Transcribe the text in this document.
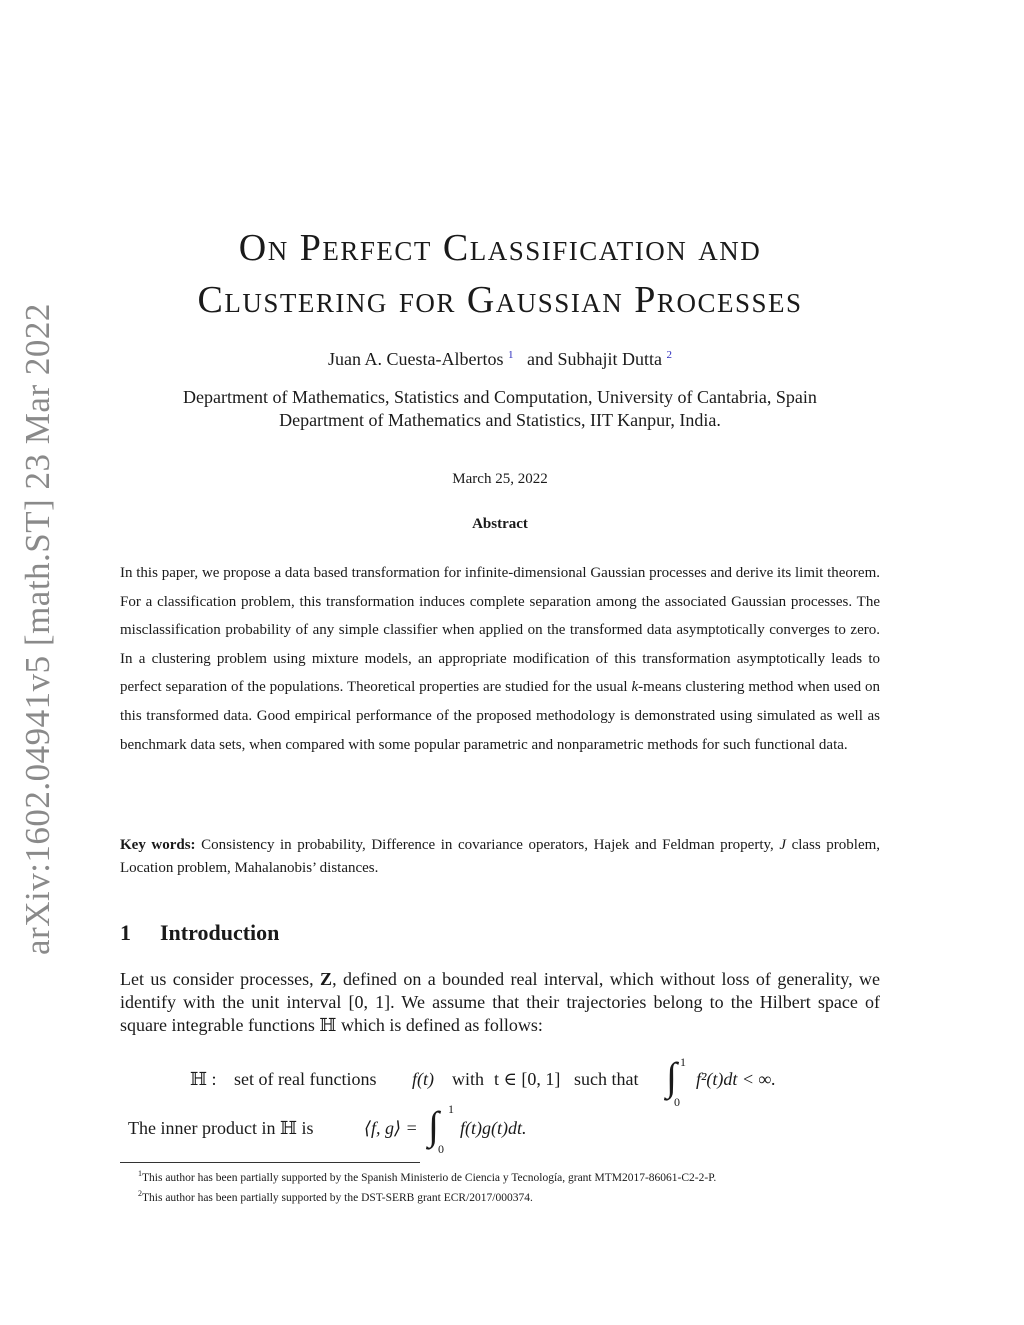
arXiv:1602.04941v5 [math.ST] 23 Mar 2022
On Perfect Classification and
Clustering for Gaussian Processes
Juan A. Cuesta-Albertos $^1$ and Subhajit Dutta $^2$
Department of Mathematics, Statistics and Computation, University of Cantabria, Spain
Department of Mathematics and Statistics, IIT Kanpur, India.
March 25, 2022
Abstract
In this paper, we propose a data based transformation for infinite-dimensional Gaussian processes and derive its limit theorem. For a classification problem, this transformation induces complete separation among the associated Gaussian processes. The misclassification probability of any simple classifier when applied on the transformed data asymptotically converges to zero. In a clustering problem using mixture models, an appropriate modification of this transformation asymptotically leads to perfect separation of the populations. Theoretical properties are studied for the usual k-means clustering method when used on this transformed data. Good empirical performance of the proposed methodology is demonstrated using simulated as well as benchmark data sets, when compared with some popular parametric and nonparametric methods for such functional data.
Key words: Consistency in probability, Difference in covariance operators, Hajek and Feldman property, J class problem, Location problem, Mahalanobis’ distances.
1 Introduction
Let us consider processes, Z, defined on a bounded real interval, which without loss of generality, we identify with the unit interval [0, 1]. We assume that their trajectories belong to the Hilbert space of square integrable functions ℍ which is defined as follows:
ℍ : set of real functions f(t) with t ∈ [0, 1] such that ∫ 1
0
f²(t)dt < ∞.
The inner product in ℍ is	⟨f, g⟩ = ∫ 1
0
f(t)g(t)dt.
$^1$This author has been partially supported by the Spanish Ministerio de Ciencia y Tecnología, grant MTM2017-86061-C2-2-P.
$^2$This author has been partially supported by the DST-SERB grant ECR/2017/000374.
